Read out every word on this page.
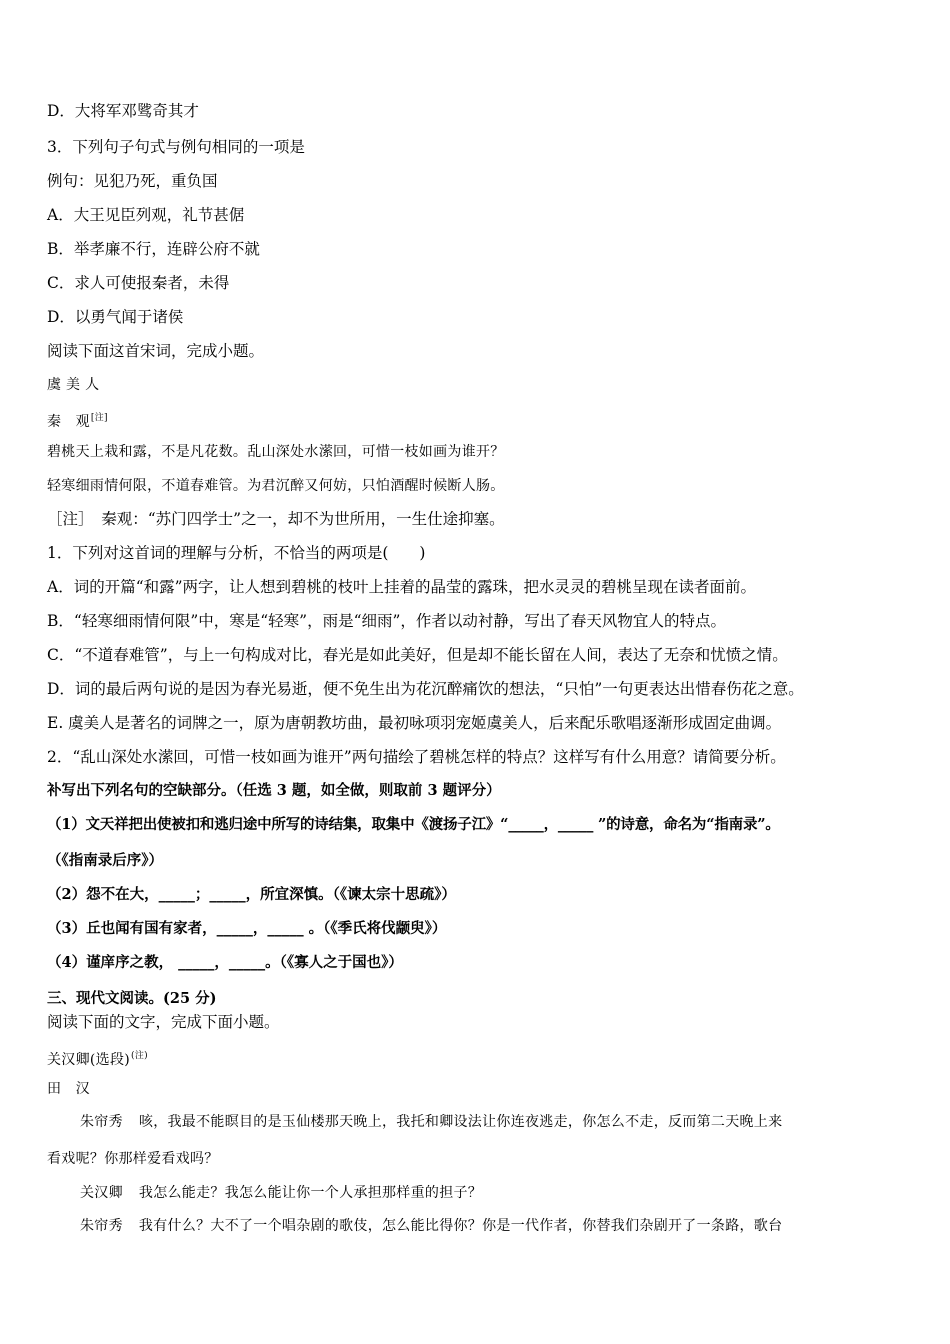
D．大将军邓骘奇其才
3．下列句子句式与例句相同的一项是
例句：见犯乃死，重负国
A．大王见臣列观，礼节甚倨
B．举孝廉不行，连辟公府不就
C．求人可使报秦者，未得
D．以勇气闻于诸侯
阅读下面这首宋词，完成小题。
虞 美 人
秦　观[注]
碧桃天上栽和露，不是凡花数。乱山深处水潆回，可惜一枝如画为谁开？
轻寒细雨情何限，不道春难管。为君沉醉又何妨，只怕酒醒时候断人肠。
［注］　秦观：“苏门四学士”之一，却不为世所用，一生仕途抑塞。
1．下列对这首词的理解与分析，不恰当的两项是(　　)
A．词的开篇“和露”两字，让人想到碧桃的枝叶上挂着的晶莹的露珠，把水灵灵的碧桃呈现在读者面前。
B．“轻寒细雨情何限”中，寒是“轻寒”，雨是“细雨”，作者以动衬静，写出了春天风物宜人的特点。
C．“不道春难管”，与上一句构成对比，春光是如此美好，但是却不能长留在人间，表达了无奈和忧愤之情。
D．词的最后两句说的是因为春光易逝，便不免生出为花沉醉痛饮的想法，“只怕”一句更表达出惜春伤花之意。
E. 虞美人是著名的词牌之一，原为唐朝教坊曲，最初咏项羽宠姬虞美人，后来配乐歌唱逐渐形成固定曲调。
2．“乱山深处水潆回，可惜一枝如画为谁开”两句描绘了碧桃怎样的特点？这样写有什么用意？请简要分析。
补写出下列名句的空缺部分。（任选 3 题，如全做，则取前 3 题评分）
（1）文天祥把出使被扣和逃归途中所写的诗结集，取集中《渡扬子江》“_____，_____ ”的诗意，命名为“指南录”。
（《指南录后序》）
（2）怨不在大，_____；_____，所宜深慎。（《谏太宗十思疏》）
（3）丘也闻有国有家者，_____，_____ 。（《季氏将伐颛臾》）
（4）谨庠序之教， _____，_____。（《寡人之于国也》）
三、现代文阅读。(25 分)
阅读下面的文字，完成下面小题。
关汉卿(选段)$^{(注)}$
田　汉
朱帘秀 咳，我最不能瞑目的是玉仙楼那天晚上，我托和卿设法让你连夜逃走，你怎么不走，反而第二天晚上来
看戏呢？你那样爱看戏吗？
关汉卿 我怎么能走？我怎么能让你一个人承担那样重的担子？
朱帘秀 我有什么？大不了一个唱杂剧的歌伎，怎么能比得你？你是一代作者，你替我们杂剧开了一条路，歌台
